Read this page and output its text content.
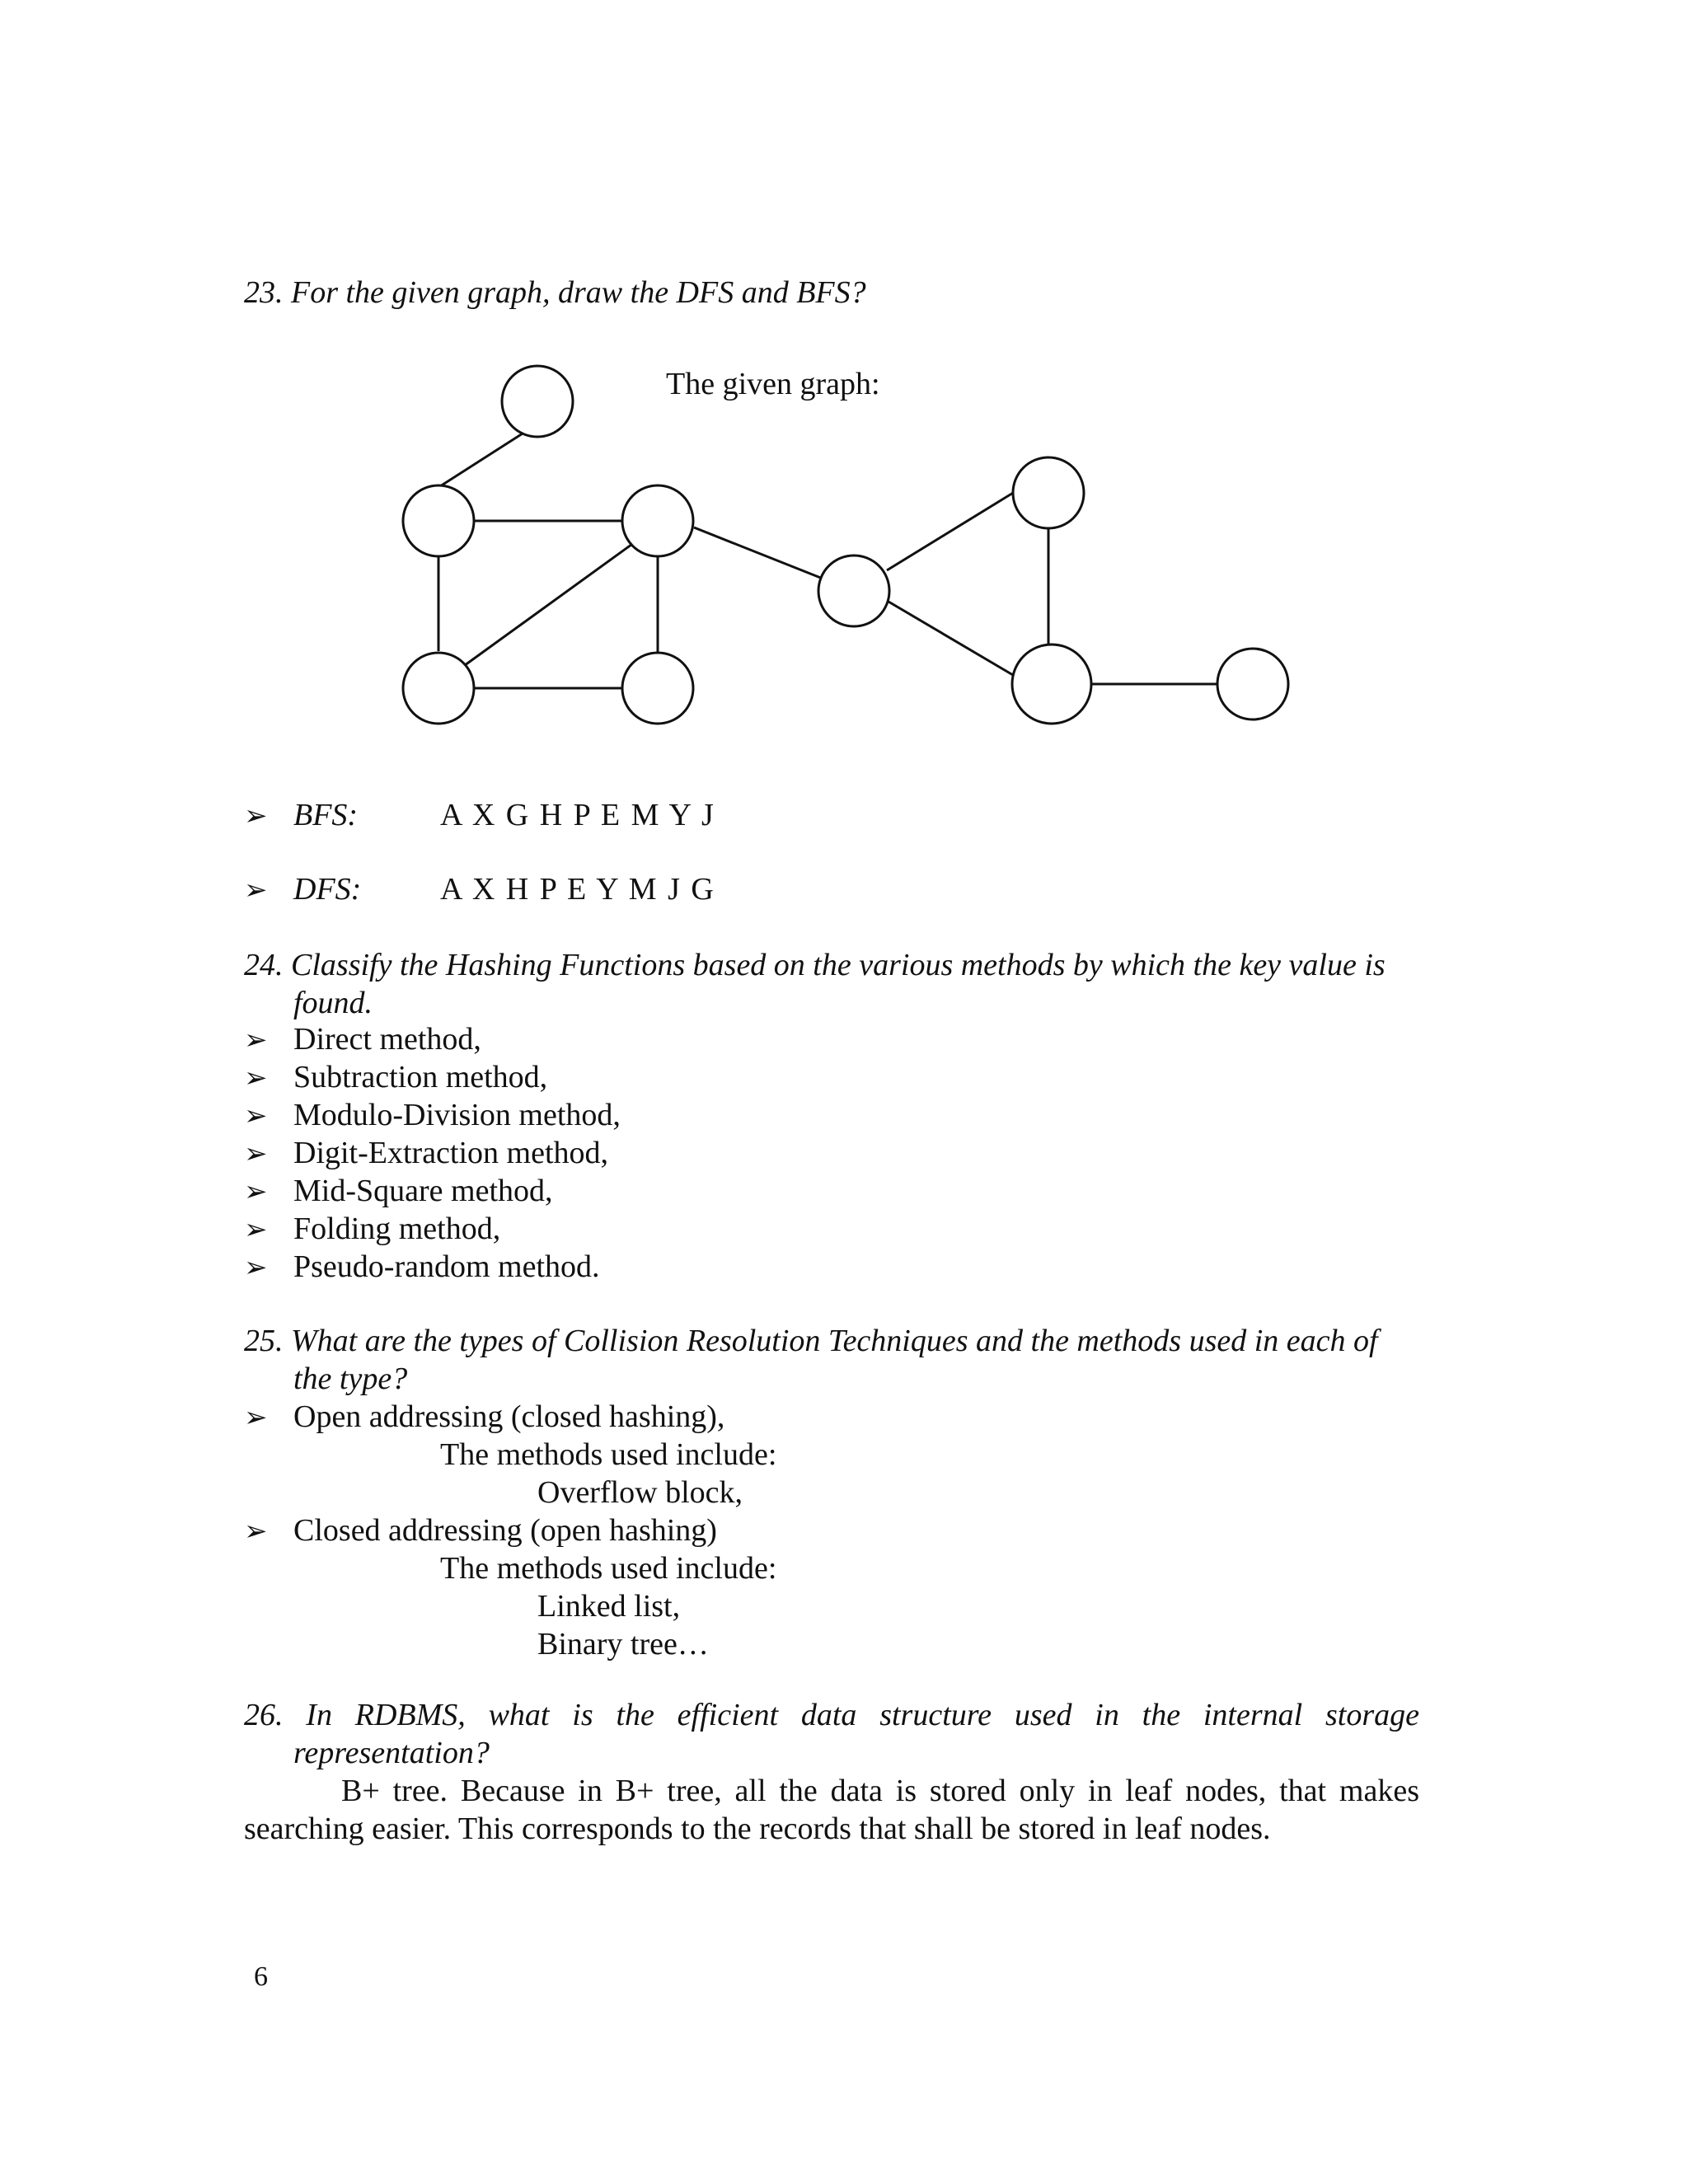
23. For the given graph, draw the DFS and BFS?
The given graph:
➢ BFS:	A X G H P E M Y J
➢ DFS:	A X H P E Y M J G
24. Classify the Hashing Functions based on the various methods by which the key value is
found.
➢ Direct method,
➢ Subtraction method,
➢ Modulo-Division method,
➢ Digit-Extraction method,
➢ Mid-Square method,
➢ Folding method,
➢ Pseudo-random method.
25. What are the types of Collision Resolution Techniques and the methods used in each of
the type?
➢ Open addressing (closed hashing),
The methods used include:
Overflow block,
➢ Closed addressing (open hashing)
The methods used include:
Linked list,
Binary tree…
26. In RDBMS, what is the efficient data structure used in the internal storage
representation?
B+ tree. Because in B+ tree, all the data is stored only in leaf nodes, that makes
searching easier. This corresponds to the records that shall be stored in leaf nodes.
6
